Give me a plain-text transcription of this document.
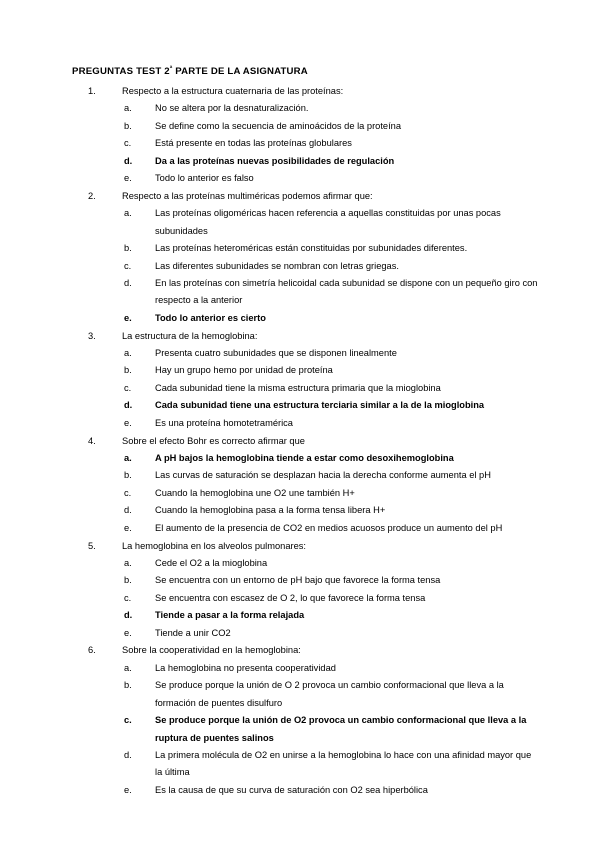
PREGUNTAS TEST $2^ª$ PARTE DE LA ASIGNATURA
1.	Respecto a la estructura cuaternaria de las proteínas:

a.	No se altera por la desnaturalización.
b.	Se define como la secuencia de aminoácidos de la proteína
c.	Está presente en todas las proteínas globulares
d.	Da a las proteínas nuevas posibilidades de regulación
e.	Todo lo anterior es falso
2.	Respecto a las proteínas multiméricas podemos afirmar que:

a.	Las proteínas oligoméricas hacen referencia a aquellas constituidas por unas pocas subunidades
b.	Las proteínas heteroméricas están constituidas por subunidades diferentes.
c.	Las diferentes subunidades se nombran con letras griegas.
d.	En las proteínas con simetría helicoidal cada subunidad se dispone con un pequeño giro con respecto a la anterior
e.	Todo lo anterior es cierto
3.	La estructura de la hemoglobina:

a.	Presenta cuatro subunidades que se disponen linealmente
b.	Hay un grupo hemo por unidad de proteína
c.	Cada subunidad tiene la misma estructura primaria que la mioglobina
d.	Cada subunidad tiene una estructura terciaria similar a la de la mioglobina
e.	Es una proteína homotetramérica
4.	Sobre el efecto Bohr es correcto afirmar que

a.	A pH bajos la hemoglobina tiende a estar como desoxihemoglobina
b.	Las curvas de saturación se desplazan hacia la derecha conforme aumenta el pH
c.	Cuando la hemoglobina une O2 une también H+
d.	Cuando la hemoglobina pasa a la forma tensa libera H+
e.	El aumento de la presencia de CO2 en medios acuosos produce un aumento del pH
5.	La hemoglobina en los alveolos pulmonares:

a.	Cede el O2 a la mioglobina
b.	Se encuentra con un entorno de pH bajo que favorece la forma tensa
c.	Se encuentra con escasez de O 2, lo que favorece la forma tensa
d.	Tiende a pasar a la forma relajada
e.	Tiende a unir CO2
6.	Sobre la cooperatividad en la hemoglobina:

a.	La hemoglobina no presenta cooperatividad
b.	Se produce porque la unión de O 2 provoca un cambio conformacional que lleva a la formación de puentes disulfuro
c.	Se produce porque la unión de O2 provoca un cambio conformacional que lleva a la ruptura de puentes salinos
d.	La primera molécula de O2 en unirse a la hemoglobina lo hace con una afinidad mayor que la última
e.	Es la causa de que su curva de saturación con O2 sea hiperbólica
